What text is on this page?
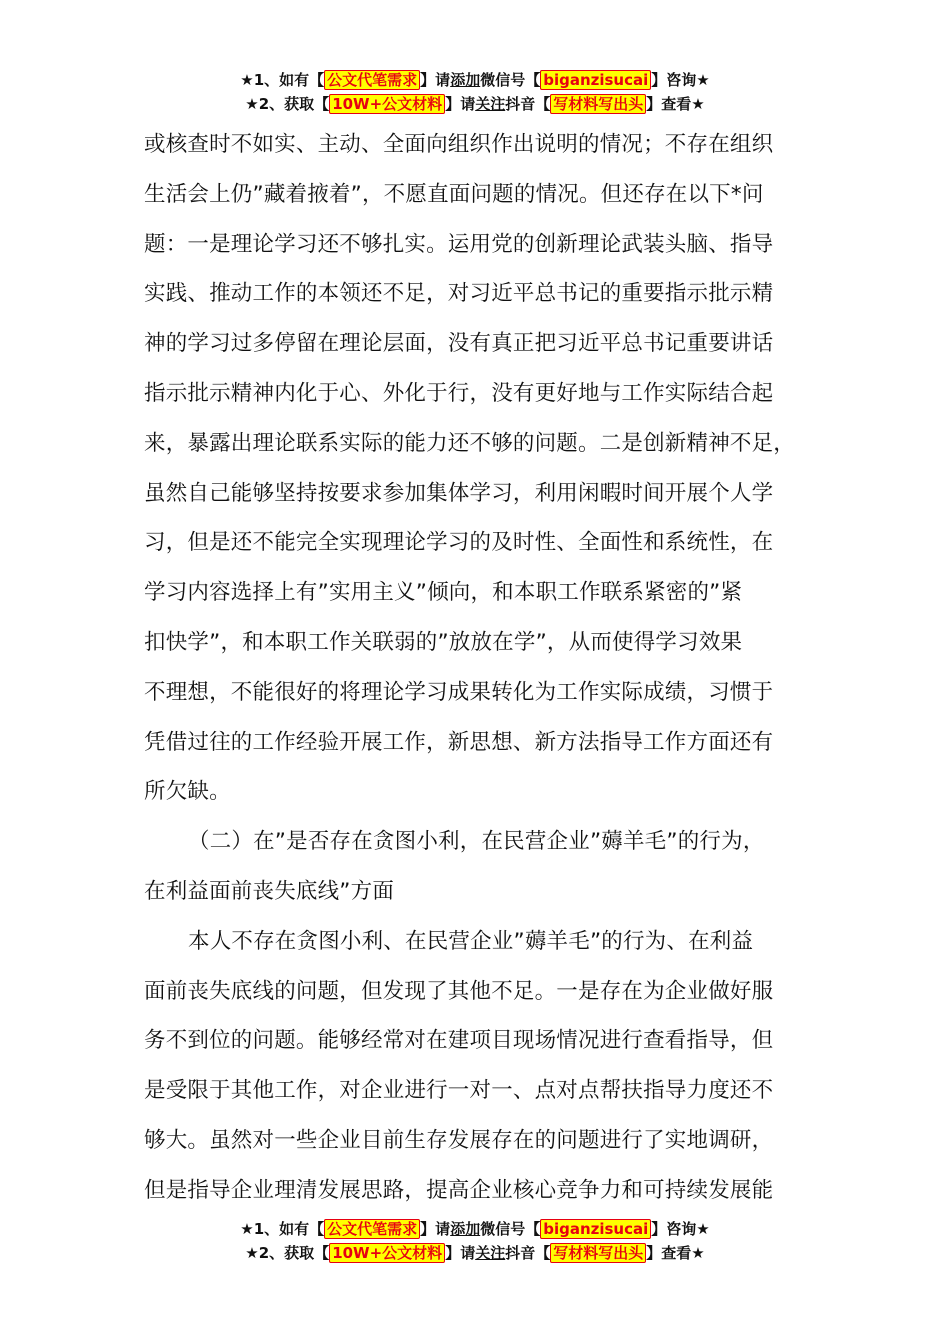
★1、如有【 公文代笔需求 】请添加微信号【 biganzisucai 】咨询★
★2、获取【 10W+公文材料 】请关注抖音【 写材料写出头 】查看★

或核查时不如实、主动、全面向组织作出说明的情况；不存在组织

生活会上仍”藏着掖着”，不愿直面问题的情况。但还存在以下*问

题：一是理论学习还不够扎实。运用党的创新理论武装头脑、指导

实践、推动工作的本领还不足，对习近平总书记的重要指示批示精

神的学习过多停留在理论层面，没有真正把习近平总书记重要讲话

指示批示精神内化于心、外化于行，没有更好地与工作实际结合起

来，暴露出理论联系实际的能力还不够的问题。二是创新精神不足，

虽然自己能够坚持按要求参加集体学习，利用闲暇时间开展个人学

习，但是还不能完全实现理论学习的及时性、全面性和系统性，在

学习内容选择上有”实用主义”倾向，和本职工作联系紧密的”紧

扣快学”，和本职工作关联弱的”放放在学”，从而使得学习效果

不理想，不能很好的将理论学习成果转化为工作实际成绩，习惯于

凭借过往的工作经验开展工作，新思想、新方法指导工作方面还有

所欠缺。

（二）在”是否存在贪图小利，在民营企业”薅羊毛”的行为，

在利益面前丧失底线”方面

本人不存在贪图小利、在民营企业”薅羊毛”的行为、在利益

面前丧失底线的问题，但发现了其他不足。一是存在为企业做好服

务不到位的问题。能够经常对在建项目现场情况进行查看指导，但

是受限于其他工作，对企业进行一对一、点对点帮扶指导力度还不

够大。虽然对一些企业目前生存发展存在的问题进行了实地调研，

但是指导企业理清发展思路，提高企业核心竞争力和可持续发展能

★1、如有【 公文代笔需求 】请添加微信号【 biganzisucai 】咨询★
★2、获取【 10W+公文材料 】请关注抖音【 写材料写出头 】查看★
